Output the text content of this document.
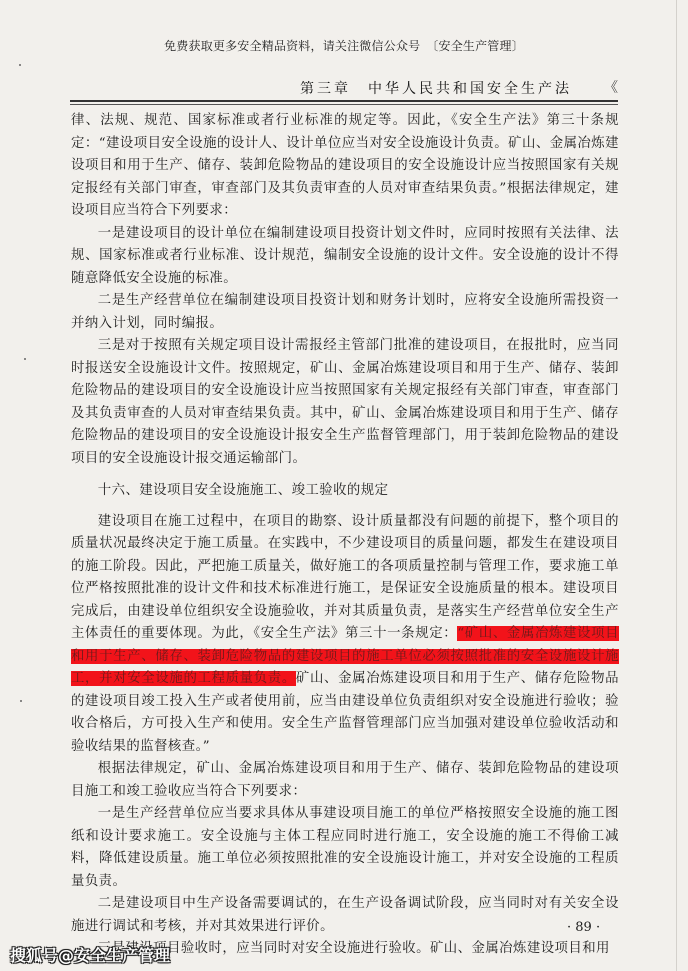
免费获取更多安全精品资料，请关注微信公众号 〔安全生产管理〕
第三章　中华人民共和国安全生产法 《

律、法规、规范、国家标准或者行业标准的规定等。因此，《安全生产法》第三十条规定：“建设项目安全设施的设计人、设计单位应当对安全设施设计负责。矿山、金属冶炼建设项目和用于生产、储存、装卸危险物品的建设项目的安全设施设计应当按照国家有关规定报经有关部门审查，审查部门及其负责审查的人员对审查结果负责。”根据法律规定，建设项目应当符合下列要求：

一是建设项目的设计单位在编制建设项目投资计划文件时，应同时按照有关法律、法规、国家标准或者行业标准、设计规范，编制安全设施的设计文件。安全设施的设计不得随意降低安全设施的标准。

二是生产经营单位在编制建设项目投资计划和财务计划时，应将安全设施所需投资一并纳入计划，同时编报。

三是对于按照有关规定项目设计需报经主管部门批准的建设项目，在报批时，应当同时报送安全设施设计文件。按照规定，矿山、金属冶炼建设项目和用于生产、储存、装卸危险物品的建设项目的安全设施设计应当按照国家有关规定报经有关部门审查，审查部门及其负责审查的人员对审查结果负责。其中，矿山、金属冶炼建设项目和用于生产、储存危险物品的建设项目的安全设施设计报安全生产监督管理部门，用于装卸危险物品的建设项目的安全设施设计报交通运输部门。

十六、建设项目安全设施施工、竣工验收的规定

建设项目在施工过程中，在项目的勘察、设计质量都没有问题的前提下，整个项目的质量状况最终决定于施工质量。在实践中，不少建设项目的质量问题，都发生在建设项目的施工阶段。因此，严把施工质量关，做好施工的各项质量控制与管理工作，要求施工单位严格按照批准的设计文件和技术标准进行施工，是保证安全设施质量的根本。建设项目完成后，由建设单位组织安全设施验收，并对其质量负责，是落实生产经营单位安全生产主体责任的重要体现。为此，《安全生产法》第三十一条规定：“矿山、金属冶炼建设项目和用于生产、储存、装卸危险物品的建设项目的施工单位必须按照批准的安全设施设计施工，并对安全设施的工程质量负责。矿山、金属冶炼建设项目和用于生产、储存危险物品的建设项目竣工投入生产或者使用前，应当由建设单位负责组织对安全设施进行验收；验收合格后，方可投入生产和使用。安全生产监督管理部门应当加强对建设单位验收活动和验收结果的监督核查。”

根据法律规定，矿山、金属冶炼建设项目和用于生产、储存、装卸危险物品的建设项目施工和竣工验收应当符合下列要求：

一是生产经营单位应当要求具体从事建设项目施工的单位严格按照安全设施的施工图纸和设计要求施工。安全设施与主体工程应同时进行施工，安全设施的施工不得偷工减料，降低建设质量。施工单位必须按照批准的安全设施设计施工，并对安全设施的工程质量负责。

二是建设项目中生产设备需要调试的，在生产设备调试阶段，应当同时对有关安全设施进行调试和考核，并对其效果进行评价。

三是建设项目验收时，应当同时对安全设施进行验收。矿山、金属冶炼建设项目和用

· 89 ·
搜狐号@安全生产管理
